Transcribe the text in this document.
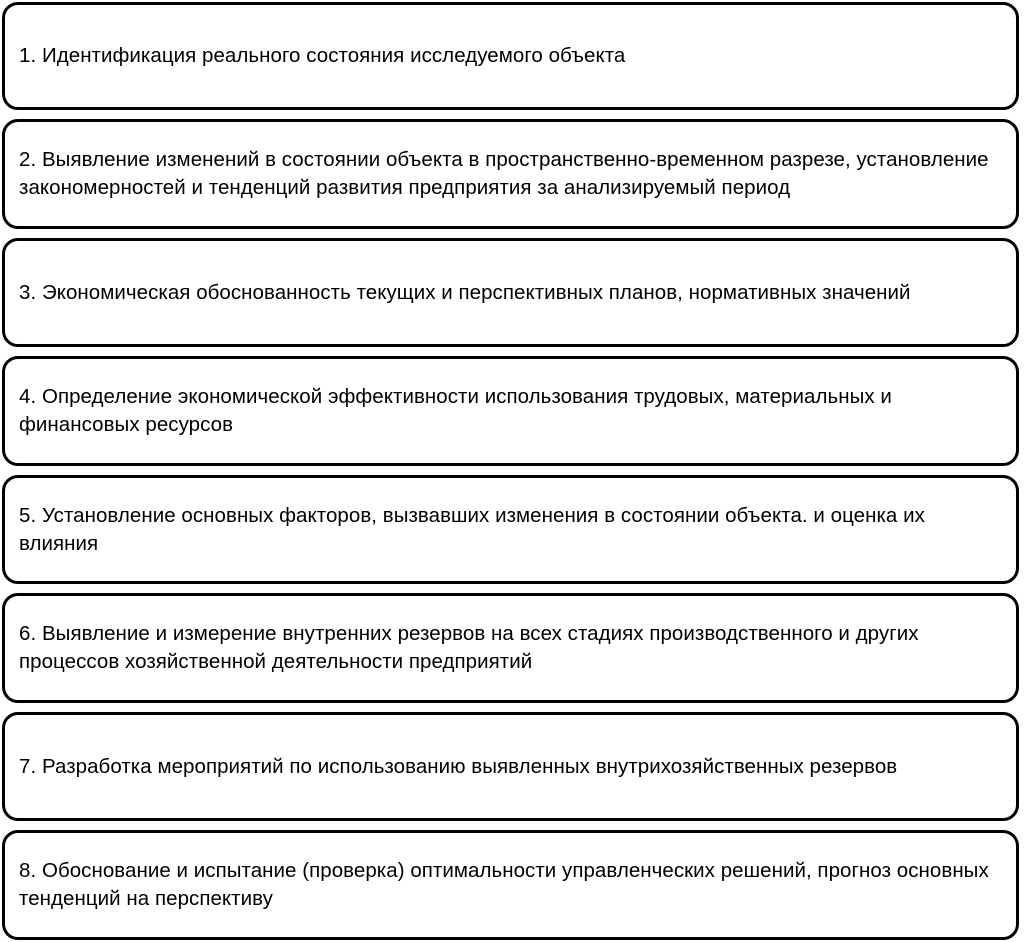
1. Идентификация реального состояния исследуемого объекта
2. Выявление изменений в состоянии объекта в пространственно-временном разрезе, установление закономерностей и тенденций развития предприятия за анализируемый период
3. Экономическая обоснованность текущих и перспективных планов, нормативных значений
4. Определение экономической эффективности использования трудовых, материальных и финансовых ресурсов
5. Установление основных факторов, вызвавших изменения в состоянии объекта. и оценка их влияния
6. Выявление и измерение внутренних резервов на всех стадиях производственного и других процессов хозяйственной деятельности предприятий
7. Разработка мероприятий по использованию выявленных внутрихозяйственных резервов
8. Обоснование и испытание (проверка) оптимальности управленческих решений, прогноз основных тенденций на перспективу
